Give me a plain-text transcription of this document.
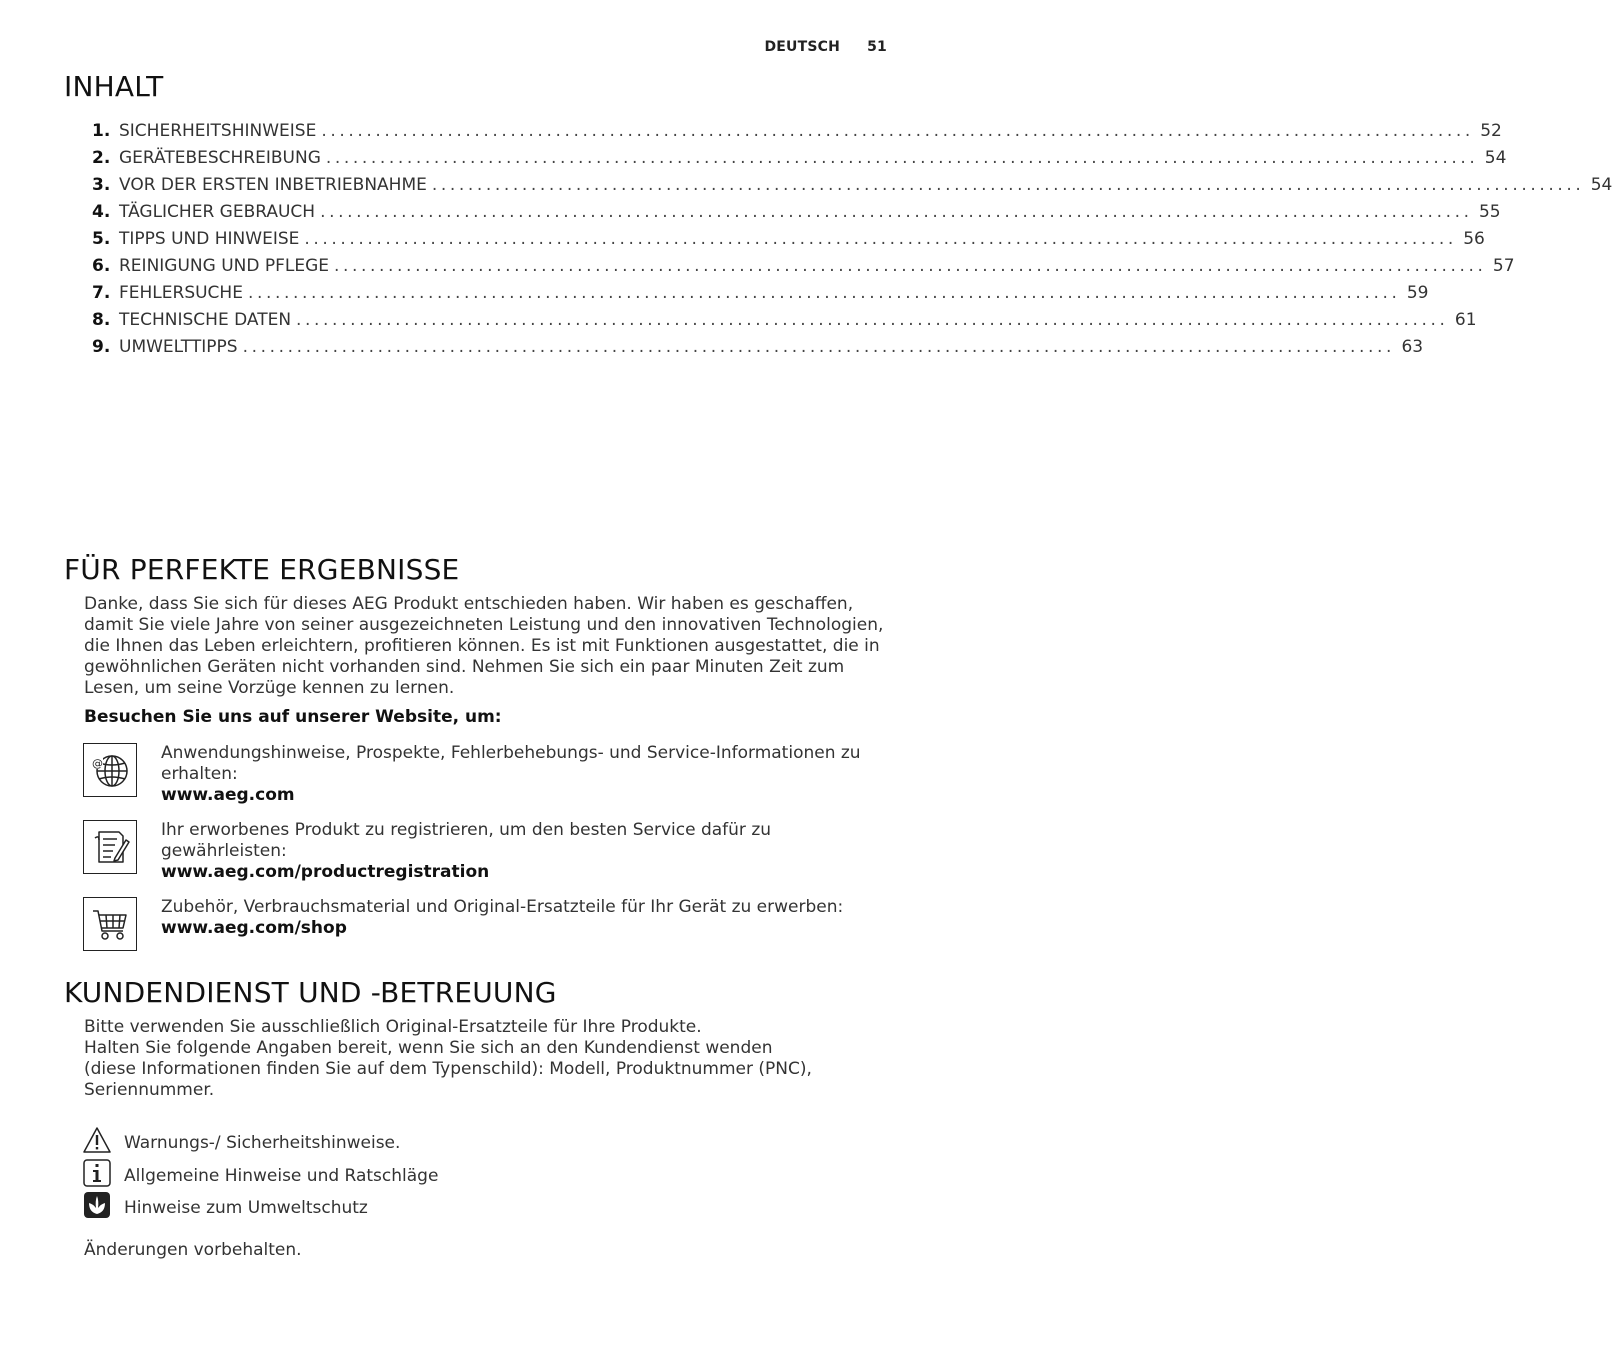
DEUTSCH 51
INHALT
1. SICHERHEITSHINWEISE ................................................................................................................................ 52
2. GERÄTEBESCHREIBUNG ................................................................................................................................ 54
3. VOR DER ERSTEN INBETRIEBNAHME ................................................................................................................................ 54
4. TÄGLICHER GEBRAUCH ................................................................................................................................ 55
5. TIPPS UND HINWEISE ................................................................................................................................ 56
6. REINIGUNG UND PFLEGE ................................................................................................................................ 57
7. FEHLERSUCHE ................................................................................................................................ 59
8. TECHNISCHE DATEN ................................................................................................................................ 61
9. UMWELTTIPPS ................................................................................................................................ 63
FÜR PERFEKTE ERGEBNISSE
Danke, dass Sie sich für dieses AEG Produkt entschieden haben. Wir haben es geschaffen,
damit Sie viele Jahre von seiner ausgezeichneten Leistung und den innovativen Technologien,
die Ihnen das Leben erleichtern, profitieren können. Es ist mit Funktionen ausgestattet, die in
gewöhnlichen Geräten nicht vorhanden sind. Nehmen Sie sich ein paar Minuten Zeit zum
Lesen, um seine Vorzüge kennen zu lernen.
Besuchen Sie uns auf unserer Website, um:
@
Anwendungshinweise, Prospekte, Fehlerbehebungs- und Service-Informationen zu
erhalten:
www.aeg.com
Ihr erworbenes Produkt zu registrieren, um den besten Service dafür zu
gewährleisten:
www.aeg.com/productregistration
Zubehör, Verbrauchsmaterial und Original-Ersatzteile für Ihr Gerät zu erwerben:
www.aeg.com/shop
KUNDENDIENST UND -BETREUUNG
Bitte verwenden Sie ausschließlich Original-Ersatzteile für Ihre Produkte.
Halten Sie folgende Angaben bereit, wenn Sie sich an den Kundendienst wenden
(diese Informationen finden Sie auf dem Typenschild): Modell, Produktnummer (PNC),
Seriennummer.
Warnungs-/ Sicherheitshinweise.
Allgemeine Hinweise und Ratschläge
Hinweise zum Umweltschutz
Änderungen vorbehalten.
